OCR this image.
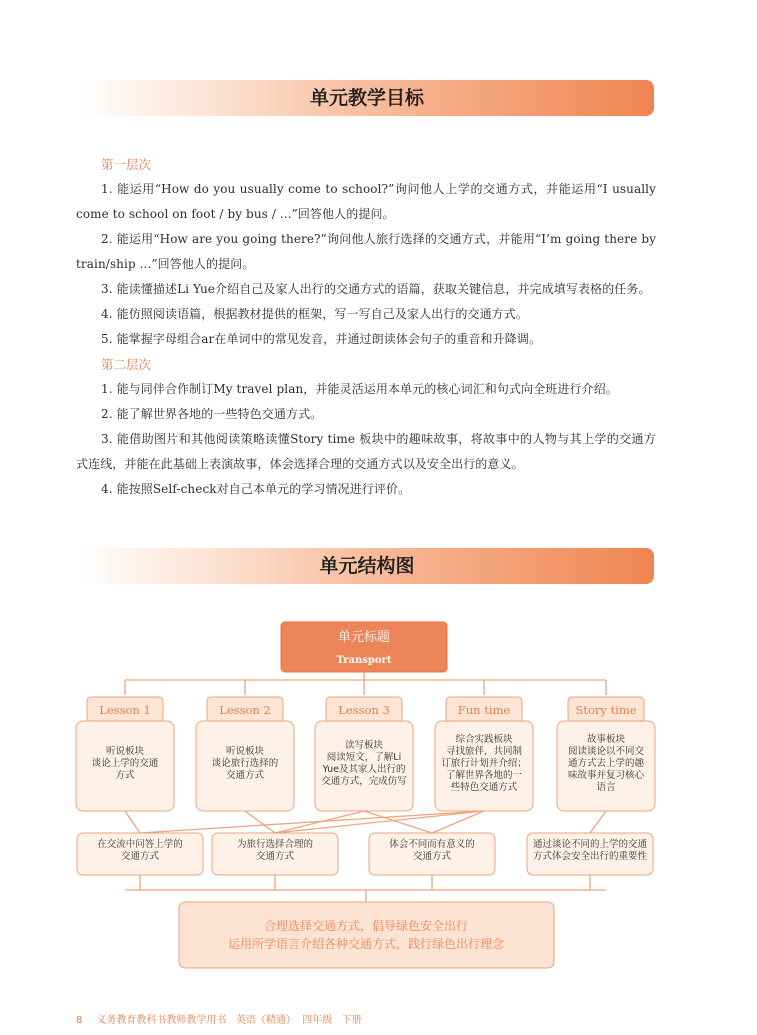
单元教学目标

第一层次

1. 能运用“How do you usually come to school?”询问他人上学的交通方式，并能运用“I usually come to school on foot / by bus / ...”回答他人的提问。

2. 能运用“How are you going there?”询问他人旅行选择的交通方式，并能用“I’m going there by train/ship ...”回答他人的提问。

3. 能读懂描述Li Yue介绍自己及家人出行的交通方式的语篇，获取关键信息，并完成填写表格的任务。

4. 能仿照阅读语篇，根据教材提供的框架，写一写自己及家人出行的交通方式。

5. 能掌握字母组合ar在单词中的常见发音，并通过朗读体会句子的重音和升降调。

第二层次

1. 能与同伴合作制订My travel plan，并能灵活运用本单元的核心词汇和句式向全班进行介绍。

2. 能了解世界各地的一些特色交通方式。

3. 能借助图片和其他阅读策略读懂Story time 板块中的趣味故事，将故事中的人物与其上学的交通方式连线，并能在此基础上表演故事，体会选择合理的交通方式以及安全出行的意义。

4. 能按照Self-check对自己本单元的学习情况进行评价。

单元结构图
单元标题
Transport
Lesson 1
听说板块
谈论上学的交通
方式
Lesson 2
听说板块
谈论旅行选择的
交通方式
Lesson 3
读写板块
阅读短文，了解Li
Yue及其家人出行的
交通方式，完成仿写
Fun time
综合实践板块
寻找旅伴，共同制
订旅行计划并介绍；
了解世界各地的一
些特色交通方式
Story time
故事板块
阅读谈论以不同交
通方式去上学的趣
味故事并复习核心
语言
在交流中问答上学的
交通方式
为旅行选择合理的
交通方式
体会不同而有意义的
交通方式
通过谈论不同的上学的交通
方式体会安全出行的重要性
合理选择交通方式，倡导绿色安全出行
运用所学语言介绍各种交通方式，践行绿色出行理念
8 义务教育教科书教师教学用书   英语（精通）  四年级   下册
